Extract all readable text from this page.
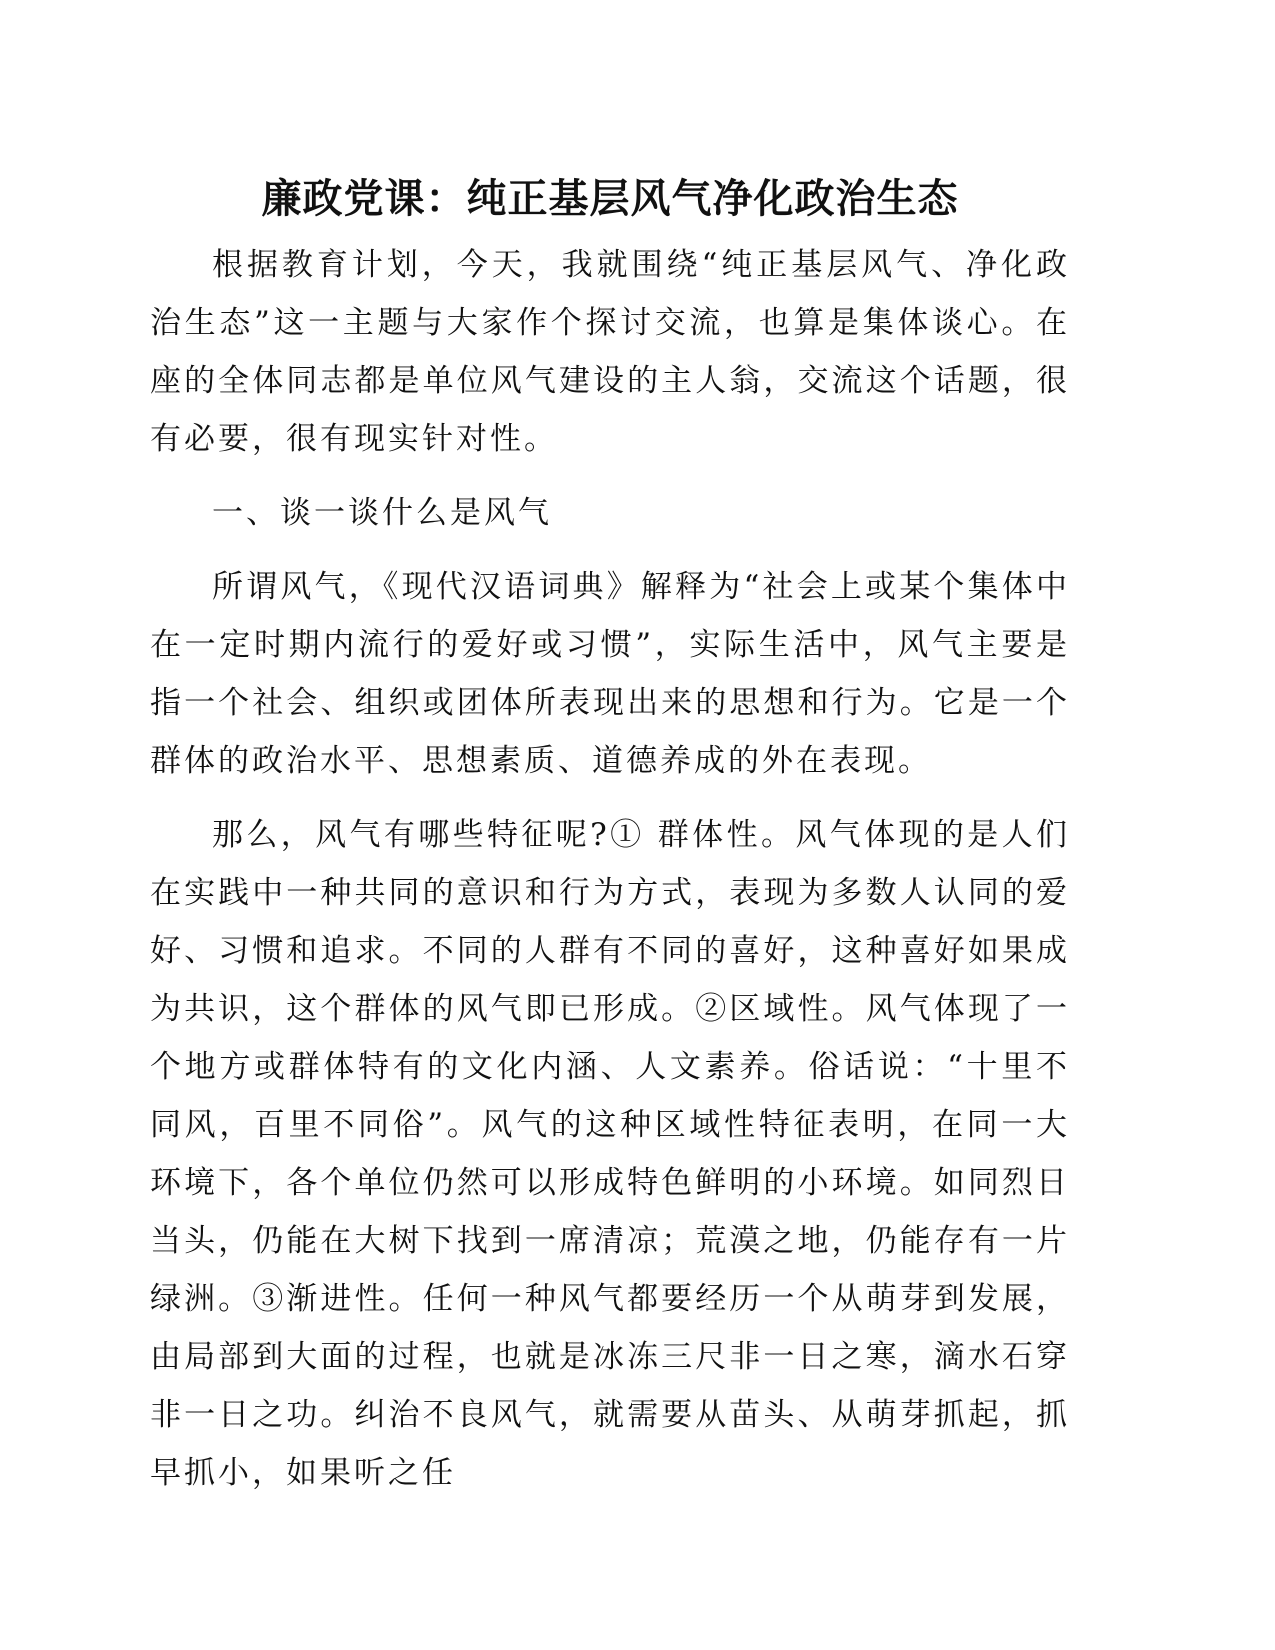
廉政党课：纯正基层风气净化政治生态

根据教育计划，今天，我就围绕“纯正基层风气、净化政治生态”这一主题与大家作个探讨交流，也算是集体谈心。在座的全体同志都是单位风气建设的主人翁，交流这个话题，很有必要，很有现实针对性。

一、谈一谈什么是风气

所谓风气，《现代汉语词典》解释为“社会上或某个集体中在一定时期内流行的爱好或习惯”，实际生活中，风气主要是指一个社会、组织或团体所表现出来的思想和行为。它是一个群体的政治水平、思想素质、道德养成的外在表现。

那么，风气有哪些特征呢?① 群体性。风气体现的是人们在实践中一种共同的意识和行为方式，表现为多数人认同的爱好、习惯和追求。不同的人群有不同的喜好，这种喜好如果成为共识，这个群体的风气即已形成。②区域性。风气体现了一个地方或群体特有的文化内涵、人文素养。俗话说：“十里不同风，百里不同俗”。风气的这种区域性特征表明，在同一大环境下，各个单位仍然可以形成特色鲜明的小环境。如同烈日当头，仍能在大树下找到一席清凉；荒漠之地，仍能存有一片绿洲。③渐进性。任何一种风气都要经历一个从萌芽到发展，由局部到大面的过程，也就是冰冻三尺非一日之寒，滴水石穿非一日之功。纠治不良风气，就需要从苗头、从萌芽抓起，抓早抓小，如果听之任
